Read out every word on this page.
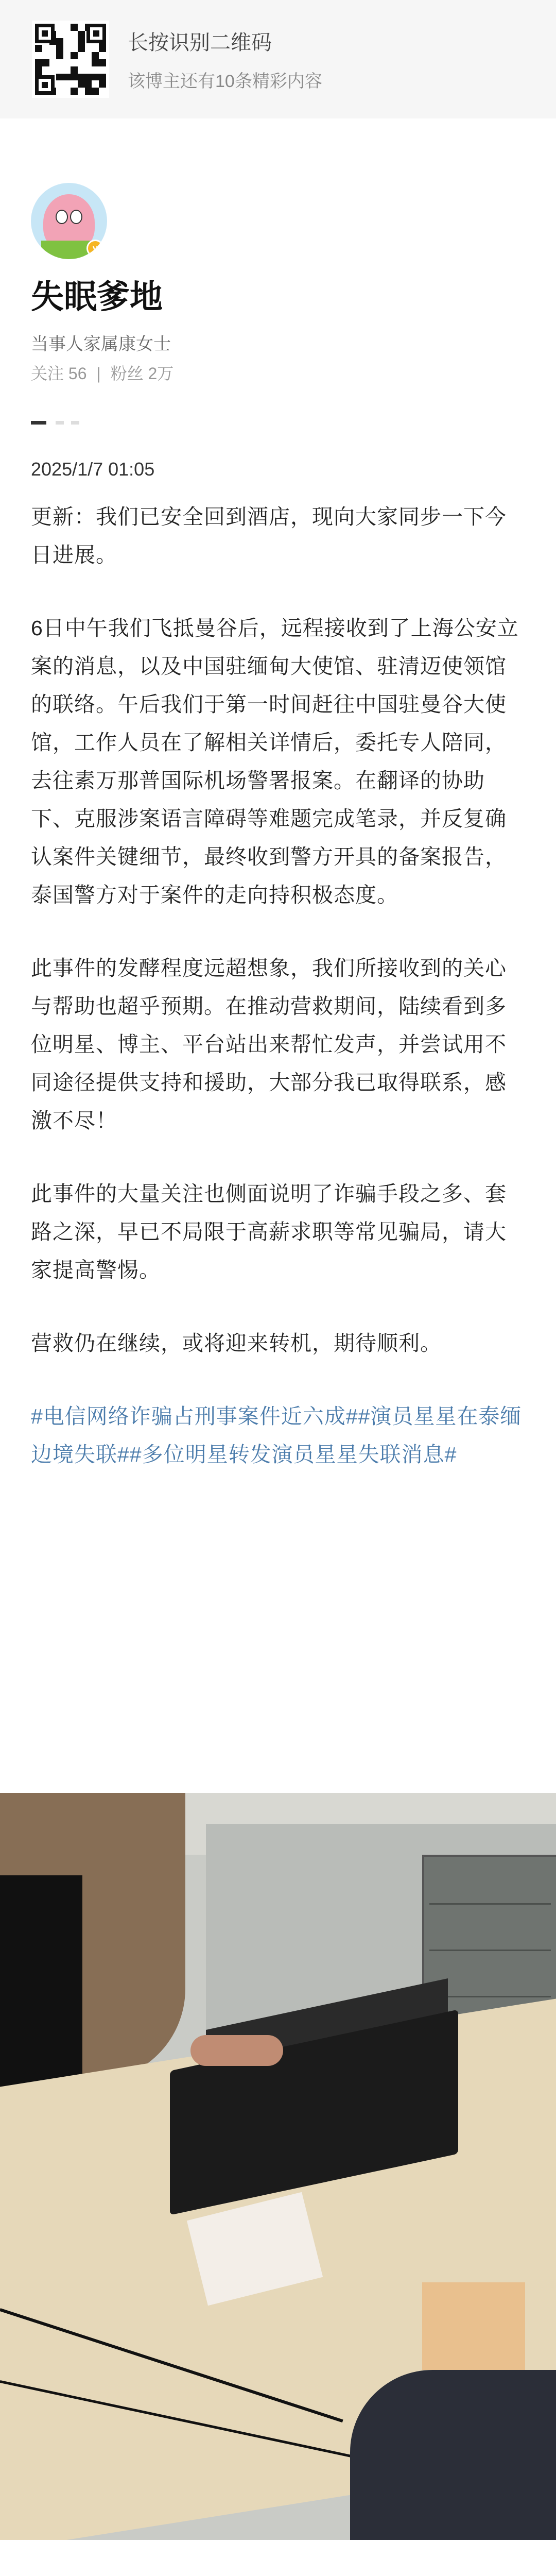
长按识别二维码
该博主还有10条精彩内容
v
失眠爹地
当事人家属康女士
关注 56 | 粉丝 2万
2025/1/7 01:05

更新：我们已安全回到酒店，现向大家同步一下今日进展。

6日中午我们飞抵曼谷后，远程接收到了上海公安立案的消息，以及中国驻缅甸大使馆、驻清迈使领馆的联络。午后我们于第一时间赶往中国驻曼谷大使馆，工作人员在了解相关详情后，委托专人陪同，去往素万那普国际机场警署报案。在翻译的协助下、克服涉案语言障碍等难题完成笔录，并反复确认案件关键细节，最终收到警方开具的备案报告，泰国警方对于案件的走向持积极态度。

此事件的发酵程度远超想象，我们所接收到的关心与帮助也超乎预期。在推动营救期间，陆续看到多位明星、博主、平台站出来帮忙发声，并尝试用不同途径提供支持和援助，大部分我已取得联系，感激不尽！

此事件的大量关注也侧面说明了诈骗手段之多、套路之深，早已不局限于高薪求职等常见骗局，请大家提高警惕。

营救仍在继续，或将迎来转机，期待顺利。

#电信网络诈骗占刑事案件近六成##演员星星在泰缅边境失联##多位明星转发演员星星失联消息#
